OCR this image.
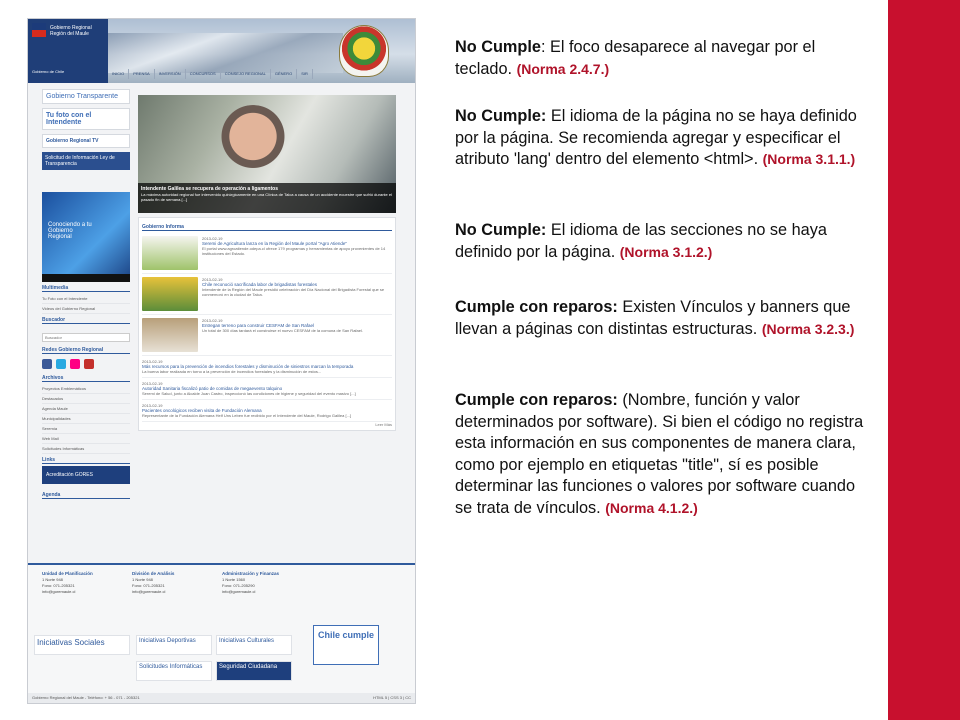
Gobierno Regional
Región del Maule
Gobierno de Chile	INICIO	PRENSA	INVERSIÓN	CONCURSOS	CONSEJO REGIONAL	GÉNERO	SIR
Gobierno Transparente
Tu foto con el Intendente
Gobierno Regional TV
Solicitud de Información Ley de Transparencia
Conociendo a tu Gobierno Regional
Multimedia
Tu Foto con el Intendente
Videos del Gobierno Regional
Buscador
Buscador
Redes Gobierno Regional
Archivos
Proyectos Emblemáticos
Destacados
Agenda Maule
Municipalidades
Seremía
Web Mail
Solicitudes Informáticas
Links
Acreditación GORES
Agenda
Intendente Galilea se recupera de operación a ligamentos
La máxima autoridad regional fue intervenido quirúrgicamente en una Clínica de Talca a causa de un accidente ecuestre que sufrió durante el pasado fin de semana.[...]
Gobierno Informa
2013-02-19
Seremi de Agricultura lanza en la Región del Maule portal "Agro Atiende"
El portal www.agroatiende.odepa.cl ofrece 179 programas y herramientas de apoyo provenientes de 14 instituciones del Estado.
2013-02-19
Chile reconoció sacrificada labor de brigadistas forestales
Intendente de la Región del Maule presidió celebración del Día Nacional del Brigadista Forestal que se conmemoró en la ciudad de Talca.
2013-02-19
Entregan terreno para construir CESFAM de San Rafael
Un total de 300 días tardará el construirse el nuevo CESFAM de la comuna de San Rafael.
2013-02-19
Más recursos para la prevención de incendios forestales y disminución de siniestros marcan la temporada
La buena labor realizada en torno a la prevención de incendios forestales y la disminución de estos...
2013-02-19
Autoridad Sanitaria fiscalizó patio de comidas de megaevento talquino
Seremi de Salud, junto a Alcalde Juan Castro, inspeccionó las condiciones de higiene y seguridad del evento masivo [...]
2013-02-19
Pacientes oncológicos reciben visita de Fundación Alemana
Representante de la Fundación Alemana Helf Uns Leben fue recibido por el Intendente del Maule, Rodrigo Galilea [...]
Leer Más
Unidad de Planificación
1 Norte 948
Fono: 071-205321
info@goremaule.cl
División de Análisis
1 Norte 948
Fono: 071-205321
info@goremaule.cl
Administración y Finanzas
1 Norte 1560
Fono: 071-205290
info@goremaule.cl
Iniciativas Sociales	Iniciativas Deportivas	Iniciativas Culturales
Solicitudes Informáticas	Seguridad Ciudadana
Chile cumple
Gobierno Regional del Maule - Teléfono: + 56 - 071 - 205321	HTML 5 | CSS 3 | CC
No Cumple: El foco desaparece al navegar por el teclado. (Norma 2.4.7.)
No Cumple: El idioma de la página no se haya definido por la página. Se recomienda agregar y especificar el atributo 'lang' dentro del elemento <html>. (Norma 3.1.1.)
No Cumple: El idioma de las secciones no se haya definido por la página. (Norma 3.1.2.)
Cumple con reparos: Existen Vínculos y banners que llevan a páginas con distintas estructuras. (Norma 3.2.3.)
Cumple con reparos: (Nombre, función y valor determinados por software). Si bien el código no registra esta información en sus componentes de manera clara, como por ejemplo en etiquetas "title", sí es posible determinar las funciones o valores por software cuando se trata de vínculos. (Norma 4.1.2.)
